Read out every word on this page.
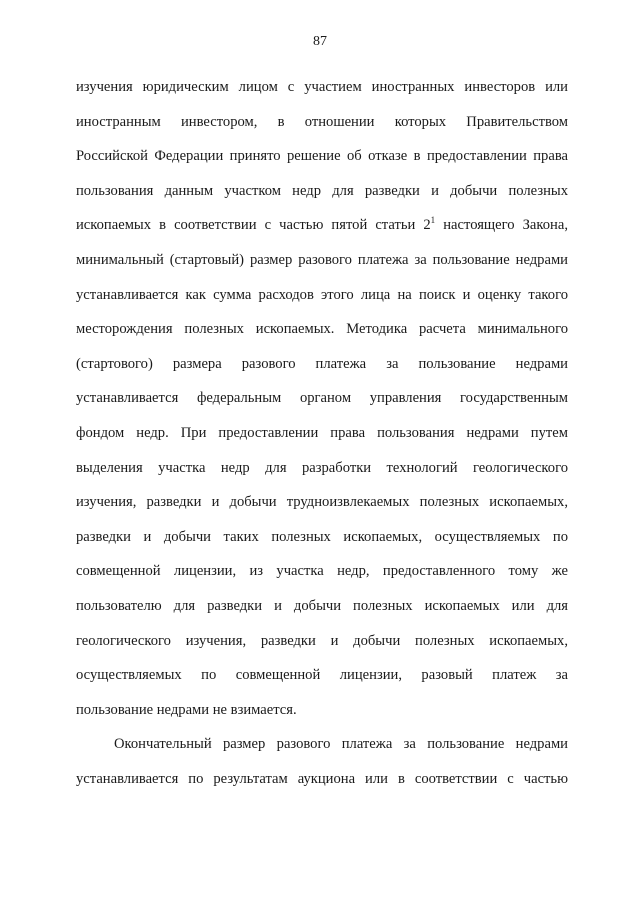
87
изучения юридическим лицом с участием иностранных инвесторов или
иностранным инвестором, в отношении которых Правительством
Российской Федерации принято решение об отказе в предоставлении права
пользования данным участком недр для разведки и добычи полезных
ископаемых в соответствии с частью пятой статьи $2^1$ настоящего Закона,
минимальный (стартовый) размер разового платежа за пользование недрами
устанавливается как сумма расходов этого лица на поиск и оценку такого
месторождения полезных ископаемых. Методика расчета минимального
(стартового) размера разового платежа за пользование недрами
устанавливается федеральным органом управления государственным
фондом недр. При предоставлении права пользования недрами путем
выделения участка недр для разработки технологий геологического
изучения, разведки и добычи трудноизвлекаемых полезных ископаемых,
разведки и добычи таких полезных ископаемых, осуществляемых по
совмещенной лицензии, из участка недр, предоставленного тому же
пользователю для разведки и добычи полезных ископаемых или для
геологического изучения, разведки и добычи полезных ископаемых,
осуществляемых по совмещенной лицензии, разовый платеж за
пользование недрами не взимается.
Окончательный размер разового платежа за пользование недрами
устанавливается по результатам аукциона или в соответствии с частью
